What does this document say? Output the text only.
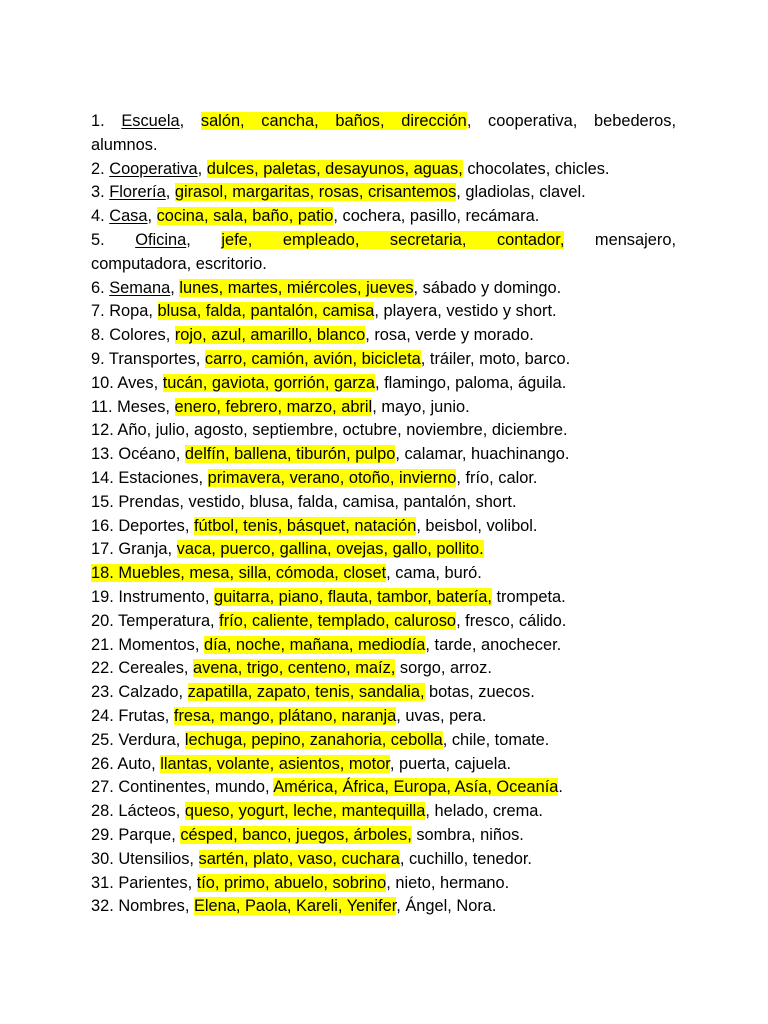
1. Escuela, salón, cancha, baños, dirección, cooperativa, bebederos,
alumnos.
2. Cooperativa, dulces, paletas, desayunos, aguas, chocolates, chicles.
3. Florería, girasol, margaritas, rosas, crisantemos, gladiolas, clavel.
4. Casa, cocina, sala, baño, patio, cochera, pasillo, recámara.
5. Oficina, jefe, empleado, secretaria, contador, mensajero,
computadora, escritorio.
6. Semana, lunes, martes, miércoles, jueves, sábado y domingo.
7. Ropa, blusa, falda, pantalón, camisa, playera, vestido y short.
8. Colores, rojo, azul, amarillo, blanco, rosa, verde y morado.
9. Transportes, carro, camión, avión, bicicleta, tráiler, moto, barco.
10. Aves, tucán, gaviota, gorrión, garza, flamingo, paloma, águila.
11. Meses, enero, febrero, marzo, abril, mayo, junio.
12. Año, julio, agosto, septiembre, octubre, noviembre, diciembre.
13. Océano, delfín, ballena, tiburón, pulpo, calamar, huachinango.
14. Estaciones, primavera, verano, otoño, invierno, frío, calor.
15. Prendas, vestido, blusa, falda, camisa, pantalón, short.
16. Deportes, fútbol, tenis, básquet, natación, beisbol, volibol.
17. Granja, vaca, puerco, gallina, ovejas, gallo, pollito.
18. Muebles, mesa, silla, cómoda, closet, cama, buró.
19. Instrumento, guitarra, piano, flauta, tambor, batería, trompeta.
20. Temperatura, frío, caliente, templado, caluroso, fresco, cálido.
21. Momentos, día, noche, mañana, mediodía, tarde, anochecer.
22. Cereales, avena, trigo, centeno, maíz, sorgo, arroz.
23. Calzado, zapatilla, zapato, tenis, sandalia, botas, zuecos.
24. Frutas, fresa, mango, plátano, naranja, uvas, pera.
25. Verdura, lechuga, pepino, zanahoria, cebolla, chile, tomate.
26. Auto, llantas, volante, asientos, motor, puerta, cajuela.
27. Continentes, mundo, América, África, Europa, Asía, Oceanía.
28. Lácteos, queso, yogurt, leche, mantequilla, helado, crema.
29. Parque, césped, banco, juegos, árboles, sombra, niños.
30. Utensilios, sartén, plato, vaso, cuchara, cuchillo, tenedor.
31. Parientes, tío, primo, abuelo, sobrino, nieto, hermano.
32. Nombres, Elena, Paola, Kareli, Yenifer, Ángel, Nora.
